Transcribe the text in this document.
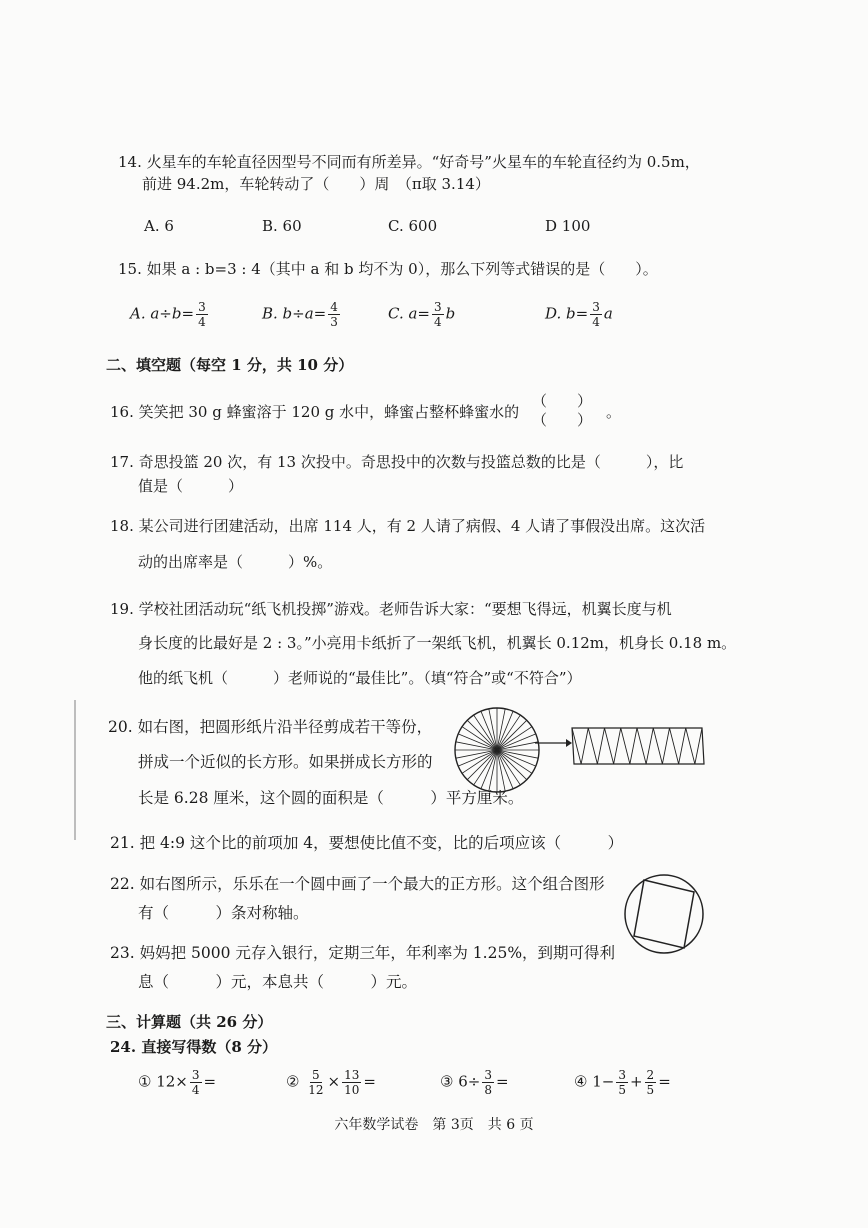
14. 火星车的车轮直径因型号不同而有所差异。“好奇号”火星车的车轮直径约为 0.5m，
前进 94.2m，车轮转动了（　　）周　（π取 3.14）
A. 6	B. 60	C. 600	D 100
15. 如果 a : b=3 : 4（其中 a 和 b 均不为 0），那么下列等式错误的是（　　）。
A. $a\div b= \frac{3}{4}$	B. $b\div a= \frac{4}{3}$	C. $a= \frac{3}{4}$ b	D. $b= \frac{3}{4}$ a
二、填空题（每空 1 分，共 10 分）
16. 笑笑把 30 g 蜂蜜溶于 120 g 水中，蜂蜜占整杯蜂蜜水的
（　　）
（　　） 。
17. 奇思投篮 20 次，有 13 次投中。奇思投中的次数与投篮总数的比是（　　　），比
值是（　　　）
18. 某公司进行团建活动，出席 114 人，有 2 人请了病假、4 人请了事假没出席。这次活
动的出席率是（　　　）%。
19. 学校社团活动玩“纸飞机投掷”游戏。老师告诉大家：“要想飞得远，机翼长度与机
身长度的比最好是 2 : 3。”小亮用卡纸折了一架纸飞机，机翼长 0.12m，机身长 0.18 m。
他的纸飞机（　　　）老师说的“最佳比”。（填“符合”或“不符合”）
20. 如右图，把圆形纸片沿半径剪成若干等份，
拼成一个近似的长方形。如果拼成长方形的
长是 6.28 厘米，这个圆的面积是（　　　）平方厘米。
21. 把 4:9 这个比的前项加 4，要想使比值不变，比的后项应该（　　　）
22. 如右图所示，乐乐在一个圆中画了一个最大的正方形。这个组合图形
有（　　　）条对称轴。
23. 妈妈把 5000 元存入银行，定期三年，年利率为 1.25%，到期可得利
息（　　　）元，本息共（　　　）元。
三、计算题（共 26 分）
24. 直接写得数（8 分）
① $12\times \frac{3}{4}$ =	② $\frac{5}{12} \times \frac{13}{10}$ =	③ $6\div \frac{3}{8}$ =	④ $1- \frac{3}{5} + \frac{2}{5}$ =
六年数学试卷　第 3页　共 6 页
